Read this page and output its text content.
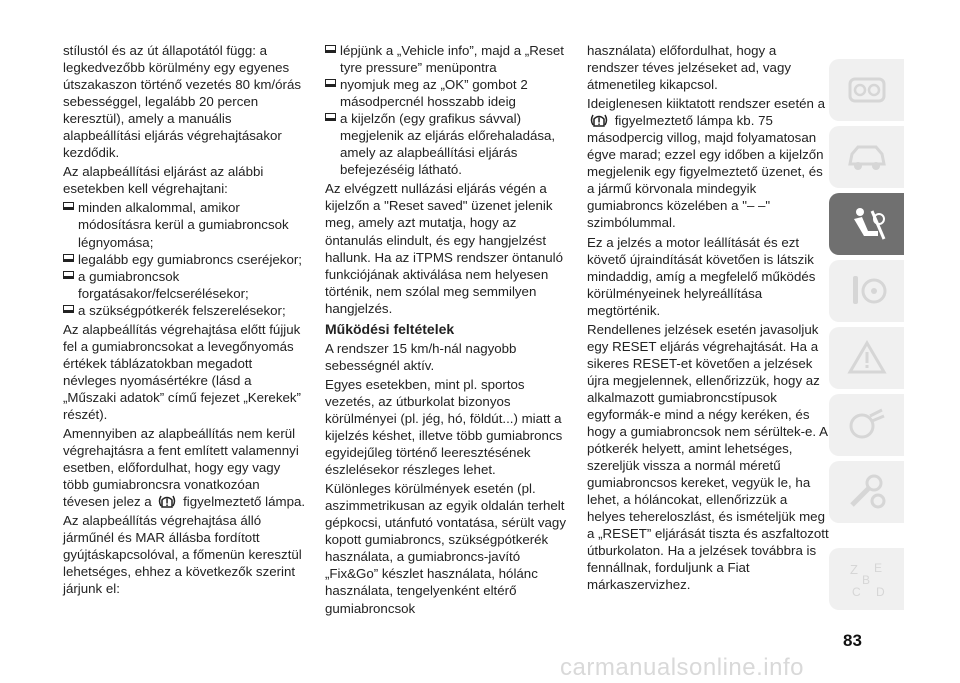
stílustól és az út állapotától függ: a legkedvezőbb körülmény egy egyenes útszakaszon történő vezetés 80 km/órás sebességgel, legalább 20 percen keresztül), amely a manuális alapbeállítási eljárás végrehajtásakor kezdődik.

Az alapbeállítási eljárást az alábbi esetekben kell végrehajtani:

minden alkalommal, amikor módosításra kerül a gumiabroncsok légnyomása;
legalább egy gumiabroncs cseréjekor;
a gumiabroncsok forgatásakor/felcserélésekor;
a szükségpótkerék felszerelésekor;

Az alapbeállítás végrehajtása előtt fújjuk fel a gumiabroncsokat a levegőnyomás értékek táblázatokban megadott névleges nyomásértékre (lásd a „Műszaki adatok” című fejezet „Kerekek” részét).

Amennyiben az alapbeállítás nem kerül végrehajtásra a fent említett valamennyi esetben, előfordulhat, hogy egy vagy több gumiabroncsra vonatkozóan tévesen jelez a figyelmeztető lámpa.

Az alapbeállítás végrehajtása álló járműnél és MAR állásba fordított gyújtáskapcsolóval, a főmenün keresztül lehetséges, ehhez a következők szerint járjunk el:

lépjünk a „Vehicle info”, majd a „Reset tyre pressure” menüpontra
nyomjuk meg az „OK” gombot 2 másodpercnél hosszabb ideig
a kijelzőn (egy grafikus sávval) megjelenik az eljárás előrehaladása, amely az alapbeállítási eljárás befejezéséig látható.

Az elvégzett nullázási eljárás végén a kijelzőn a "Reset saved" üzenet jelenik meg, amely azt mutatja, hogy az öntanulás elindult, és egy hangjelzést hallunk. Ha az iTPMS rendszer öntanuló funkciójának aktiválása nem helyesen történik, nem szólal meg semmilyen hangjelzés.

Működési feltételek

A rendszer 15 km/h-nál nagyobb sebességnél aktív.

Egyes esetekben, mint pl. sportos vezetés, az útburkolat bizonyos körülményei (pl. jég, hó, földút...) miatt a kijelzés késhet, illetve több gumiabroncs egyidejűleg történő leeresztésének észlelésekor részleges lehet.

Különleges körülmények esetén (pl. aszimmetrikusan az egyik oldalán terhelt gépkocsi, utánfutó vontatása, sérült vagy kopott gumiabroncs, szükségpótkerék használata, a gumiabroncs-javító „Fix&Go” készlet használata, hólánc használata, tengelyenként eltérő gumiabroncsok

használata) előfordulhat, hogy a rendszer téves jelzéseket ad, vagy átmenetileg kikapcsol.

Ideiglenesen kiiktatott rendszer esetén a  figyelmeztető lámpa kb. 75 másodpercig villog, majd folyamatosan égve marad; ezzel egy időben a kijelzőn megjelenik egy figyelmeztető üzenet, és a jármű körvonala mindegyik gumiabroncs közelében a "– –" szimbólummal.

Ez a jelzés a motor leállítását és ezt követő újraindítását követően is látszik mindaddig, amíg a megfelelő működés körülményeinek helyreállítása megtörténik.

Rendellenes jelzések esetén javasoljuk egy RESET eljárás végrehajtását. Ha a sikeres RESET-et követően a jelzések újra megjelennek, ellenőrizzük, hogy az alkalmazott gumiabroncstípusok egyformák-e mind a négy keréken, és hogy a gumiabroncsok nem sérültek-e. A pótkerék helyett, amint lehetséges, szereljük vissza a normál méretű gumiabroncsos kereket, vegyük le, ha lehet, a hóláncokat, ellenőrizzük a helyes tehereloszlást, és ismételjük meg a „RESET” eljárását tiszta és aszfaltozott útburkolaton. Ha a jelzések továbbra is fennállnak, forduljunk a Fiat márkaszervizhez.

Z E
B
C D
83
carmanualsonline.info
